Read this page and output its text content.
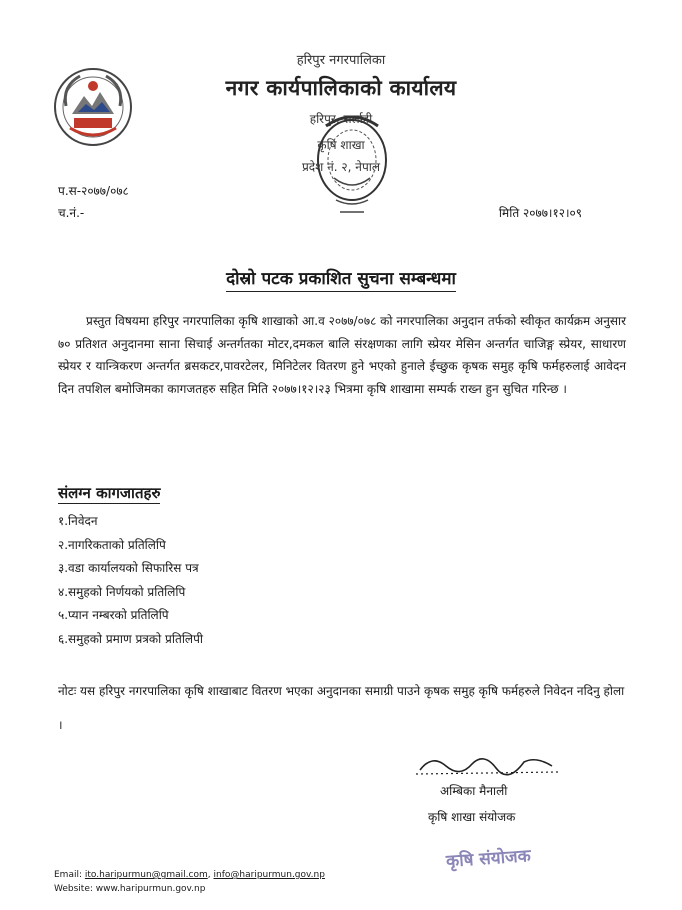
हरिपुर नगरपालिका
नगर कार्यपालिकाको कार्यालय
हरिपुर, सर्लाही
कृषि शाखा
प्रदेश नं. २, नेपाल
प.स-२०७७/०७८
च.नं.-	मिति २०७७।१२।०९
दोस्रो पटक प्रकाशित सुचना सम्बन्धमा

प्रस्तुत विषयमा हरिपुर नगरपालिका कृषि शाखाको आ.व २०७७/०७८ को नगरपालिका अनुदान तर्फको स्वीकृत कार्यक्रम अनुसार ७० प्रतिशत अनुदानमा साना सिचाई अन्तर्गतका मोटर,दमकल बालि संरक्षणका लागि स्प्रेयर मेसिन अन्तर्गत चाजिङ्ग स्प्रेयर, साधारण स्प्रेयर र यान्त्रिकरण अन्तर्गत ब्रसकटर,पावरटेलर, मिनिटेलर वितरण हुने भएको हुनाले ईच्छुक कृषक समुह कृषि फर्महरुलाई आवेदन दिन तपशिल बमोजिमका कागजतहरु सहित मिति २०७७।१२।२३ भित्रमा कृषि शाखामा सम्पर्क राख्न हुन सुचित गरिन्छ ।

संलग्न कागजातहरु
१.निवेदन
२.नागरिकताको प्रतिलिपि
३.वडा कार्यालयको सिफारिस पत्र
४.समुहको निर्णयको प्रतिलिपि
५.प्यान नम्बरको प्रतिलिपि
६.समुहको प्रमाण प्रत्रको प्रतिलिपी

नोटः यस हरिपुर नगरपालिका कृषि शाखाबाट वितरण भएका अनुदानका समाग्री पाउने कृषक समुह कृषि फर्महरुले निवेदन नदिनु होला ।

अम्बिका मैनाली
कृषि शाखा संयोजक
कृषि संयोजक
Email: ito.haripurmun@gmail.com, info@haripurmun.gov.np
Website: www.haripurmun.gov.np
